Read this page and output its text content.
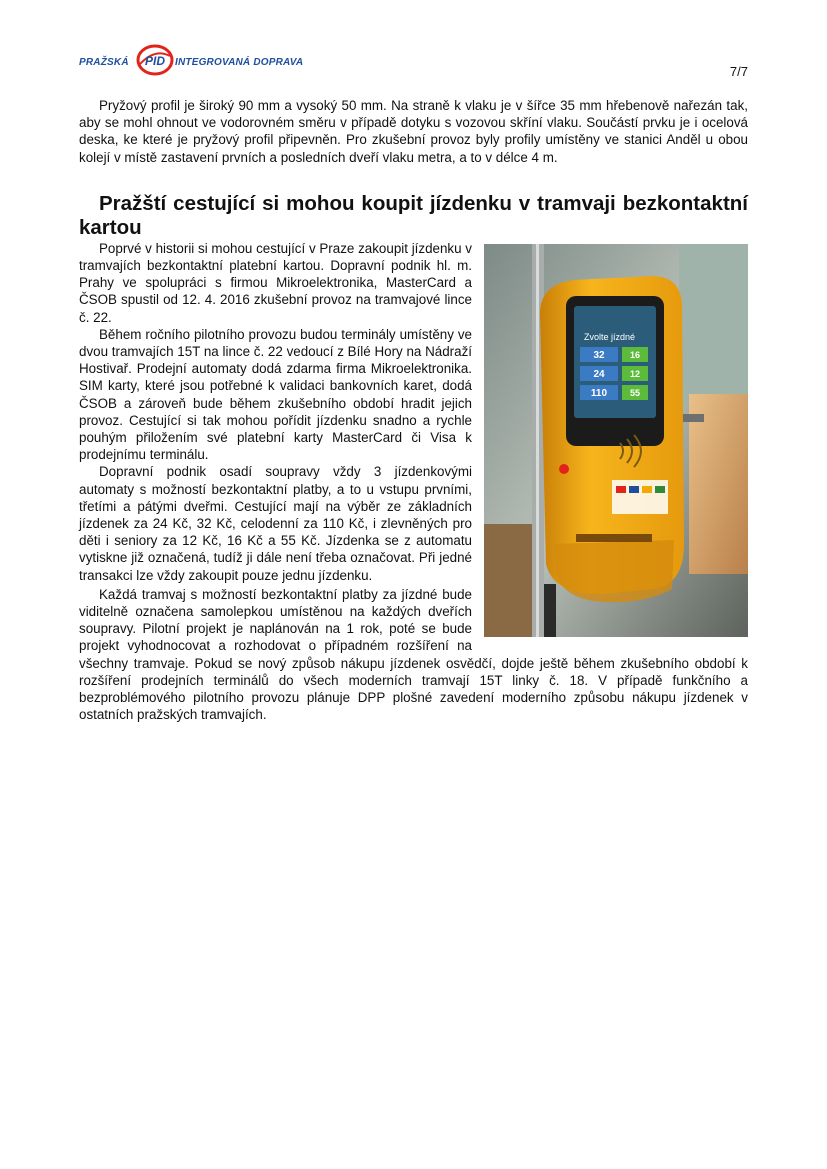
PRAŽSKÁ PID INTEGROVANÁ DOPRAVA
7/7

Pryžový profil je široký 90 mm a vysoký 50 mm. Na straně k vlaku je v šířce 35 mm hřebenově nařezán tak, aby se mohl ohnout ve vodorovném směru v případě dotyku s vozovou skříní vlaku. Součástí prvku je i ocelová deska, ke které je pryžový profil připevněn. Pro zkušební provoz byly profily umístěny ve stanici Anděl u obou kolejí v místě zastavení prvních a posledních dveří vlaku metra, a to v délce 4 m.

Pražští cestující si mohou koupit jízdenku v tramvaji bezkontaktní kartou
Zvolte jízdné
32
24
110
16
12
55

Poprvé v historii si mohou cestující v Praze zakoupit jízdenku v tramvajích bezkontaktní platební kartou. Dopravní podnik hl. m. Prahy ve spolupráci s firmou Mikroelektronika, MasterCard a ČSOB spustil od 12. 4. 2016 zkušební provoz na tramvajové lince č. 22.

Během ročního pilotního provozu budou terminály umístěny ve dvou tramvajích 15T na lince č. 22 vedoucí z Bílé Hory na Nádraží Hostivař. Prodejní automaty dodá zdarma firma Mikroelektronika. SIM karty, které jsou potřebné k validaci bankovních karet, dodá ČSOB a zároveň bude během zkušebního období hradit jejich provoz. Cestující si tak mohou pořídit jízdenku snadno a rychle pouhým přiložením své platební karty MasterCard či Visa k prodejnímu terminálu.

Dopravní podnik osadí soupravy vždy 3 jízdenkovými automaty s možností bezkontaktní platby, a to u vstupu prvními, třetími a pátými dveřmi. Cestující mají na výběr ze základních jízdenek za 24 Kč, 32 Kč, celodenní za 110 Kč, i zlevněných pro děti i seniory za 12 Kč, 16 Kč a 55 Kč. Jízdenka se z automatu vytiskne již označená, tudíž ji dále není třeba označovat. Při jedné transakci lze vždy zakoupit pouze jednu jízdenku.

Každá tramvaj s možností bezkontaktní platby za jízdné bude viditelně označena samolepkou umístěnou na každých dveřích soupravy. Pilotní projekt je naplánován na 1 rok, poté se bude projekt vyhodnocovat a rozhodovat o případném rozšíření na všechny tramvaje. Pokud se nový způsob nákupu jízdenek osvědčí, dojde ještě během zkušebního období k rozšíření prodejních terminálů do všech moderních tramvají 15T linky č. 18. V případě funkčního a bezproblémového pilotního provozu plánuje DPP plošné zavedení moderního způsobu nákupu jízdenek v ostatních pražských tramvajích.
